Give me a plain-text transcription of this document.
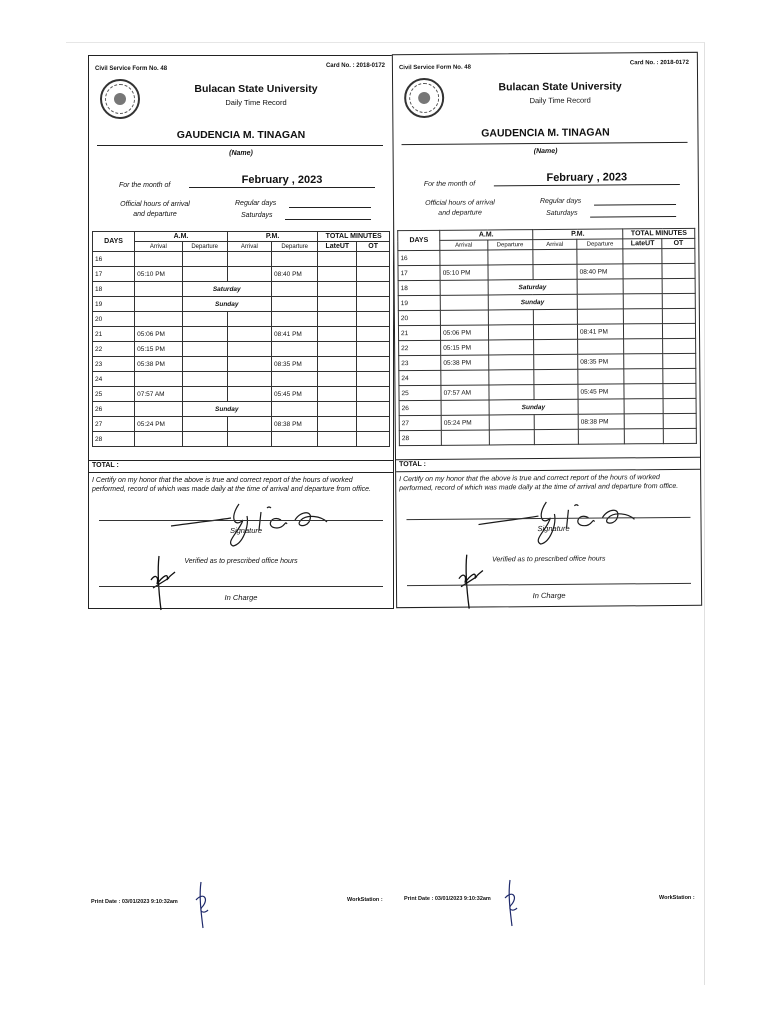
Civil Service Form No. 48	Card No. : 2018-0172
Bulacan State University
Daily Time Record
GAUDENCIA M. TINAGAN
(Name)
For the month of	February , 2023
Official hours of arrival
and departure
Regular days
Saturdays
DAYS	A.M.		P.M.		TOTAL MINUTES	
	Arrival	Departure	Arrival	Departure	LateUT	OT
16						
17	05:10 PM			08:40 PM		
18		Saturday				
19		Sunday				
20						
21	05:06 PM			08:41 PM		
22	05:15 PM					
23	05:38 PM			08:35 PM		
24						
25	07:57 AM			05:45 PM		
26		Sunday				
27	05:24 PM			08:38 PM		
28						
TOTAL :
I Certify on my honor that the above is true and correct report of the hours of worked performed, record of which was made daily at the time of arrival and departure from office.
Signature
Verified as to prescribed office hours
In Charge
Civil Service Form No. 48
Card No. : 2018-0172
Bulacan State University
Daily Time Record
GAUDENCIA M. TINAGAN
(Name)
For the month of
February , 2023
Official hours of arrival
and departure
Regular days
Saturdays
DAYS	A.M.		P.M.		TOTAL MINUTES	
	Arrival	Departure	Arrival	Departure	LateUT	OT
16						
17	05:10 PM			08:40 PM		
18		Saturday				
19		Sunday				
20						
21	05:06 PM			08:41 PM		
22	05:15 PM					
23	05:38 PM			08:35 PM		
24						
25	07:57 AM			05:45 PM		
26		Sunday				
27	05:24 PM			08:38 PM		
28						
TOTAL :
I Certify on my honor that the above is true and correct report of the hours of worked performed, record of which was made daily at the time of arrival and departure from office.
Signature
Verified as to prescribed office hours
In Charge
Print Date : 03/01/2023 9:10:32am	WorkStation :	Print Date : 03/01/2023 9:10:32am	WorkStation :
